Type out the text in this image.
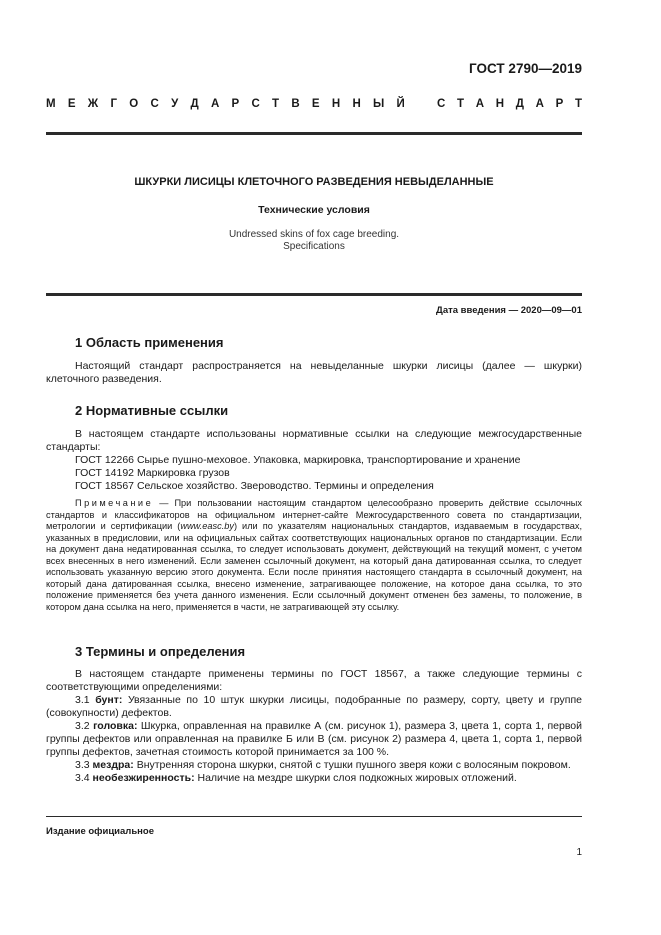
ГОСТ 2790—2019
М Е Ж Г О С У Д А Р С Т В Е Н Н Ы Й	С Т А Н Д А Р Т
ШКУРКИ ЛИСИЦЫ КЛЕТОЧНОГО РАЗВЕДЕНИЯ НЕВЫДЕЛАННЫЕ
Технические условия
Undressed skins of fox cage breeding.
Specifications
Дата введения — 2020—09—01
1 Область применения
Настоящий стандарт распространяется на невыделанные шкурки лисицы (далее — шкурки) клеточного разведения.
2 Нормативные ссылки
В настоящем стандарте использованы нормативные ссылки на следующие межгосударственные стандарты:
ГОСТ 12266 Сырье пушно-меховое. Упаковка, маркировка, транспортирование и хранение
ГОСТ 14192 Маркировка грузов
ГОСТ 18567 Сельское хозяйство. Звероводство. Термины и определения
Примечание — При пользовании настоящим стандартом целесообразно проверить действие ссылочных стандартов и классификаторов на официальном интернет-сайте Межгосударственного совета по стандартизации, метрологии и сертификации (www.easc.by) или по указателям национальных стандартов, издаваемым в государствах, указанных в предисловии, или на официальных сайтах соответствующих национальных органов по стандартизации. Если на документ дана недатированная ссылка, то следует использовать документ, действующий на текущий момент, с учетом всех внесенных в него изменений. Если заменен ссылочный документ, на который дана датированная ссылка, то следует использовать указанную версию этого документа. Если после принятия настоящего стандарта в ссылочный документ, на который дана датированная ссылка, внесено изменение, затрагивающее положение, на которое дана ссылка, то это положение применяется без учета данного изменения. Если ссылочный документ отменен без замены, то положение, в котором дана ссылка на него, применяется в части, не затрагивающей эту ссылку.
3 Термины и определения
В настоящем стандарте применены термины по ГОСТ 18567, а также следующие термины с соответствующими определениями:
3.1 бунт: Увязанные по 10 штук шкурки лисицы, подобранные по размеру, сорту, цвету и группе (совокупности) дефектов.
3.2 головка: Шкурка, оправленная на правилке А (см. рисунок 1), размера 3, цвета 1, сорта 1, первой группы дефектов или оправленная на правилке Б или В (см. рисунок 2) размера 4, цвета 1, сорта 1, первой группы дефектов, зачетная стоимость которой принимается за 100 %.
3.3 мездра: Внутренняя сторона шкурки, снятой с тушки пушного зверя кожи с волосяным покровом.
3.4 необезжиренность: Наличие на мездре шкурки слоя подкожных жировых отложений.
Издание официальное
1
